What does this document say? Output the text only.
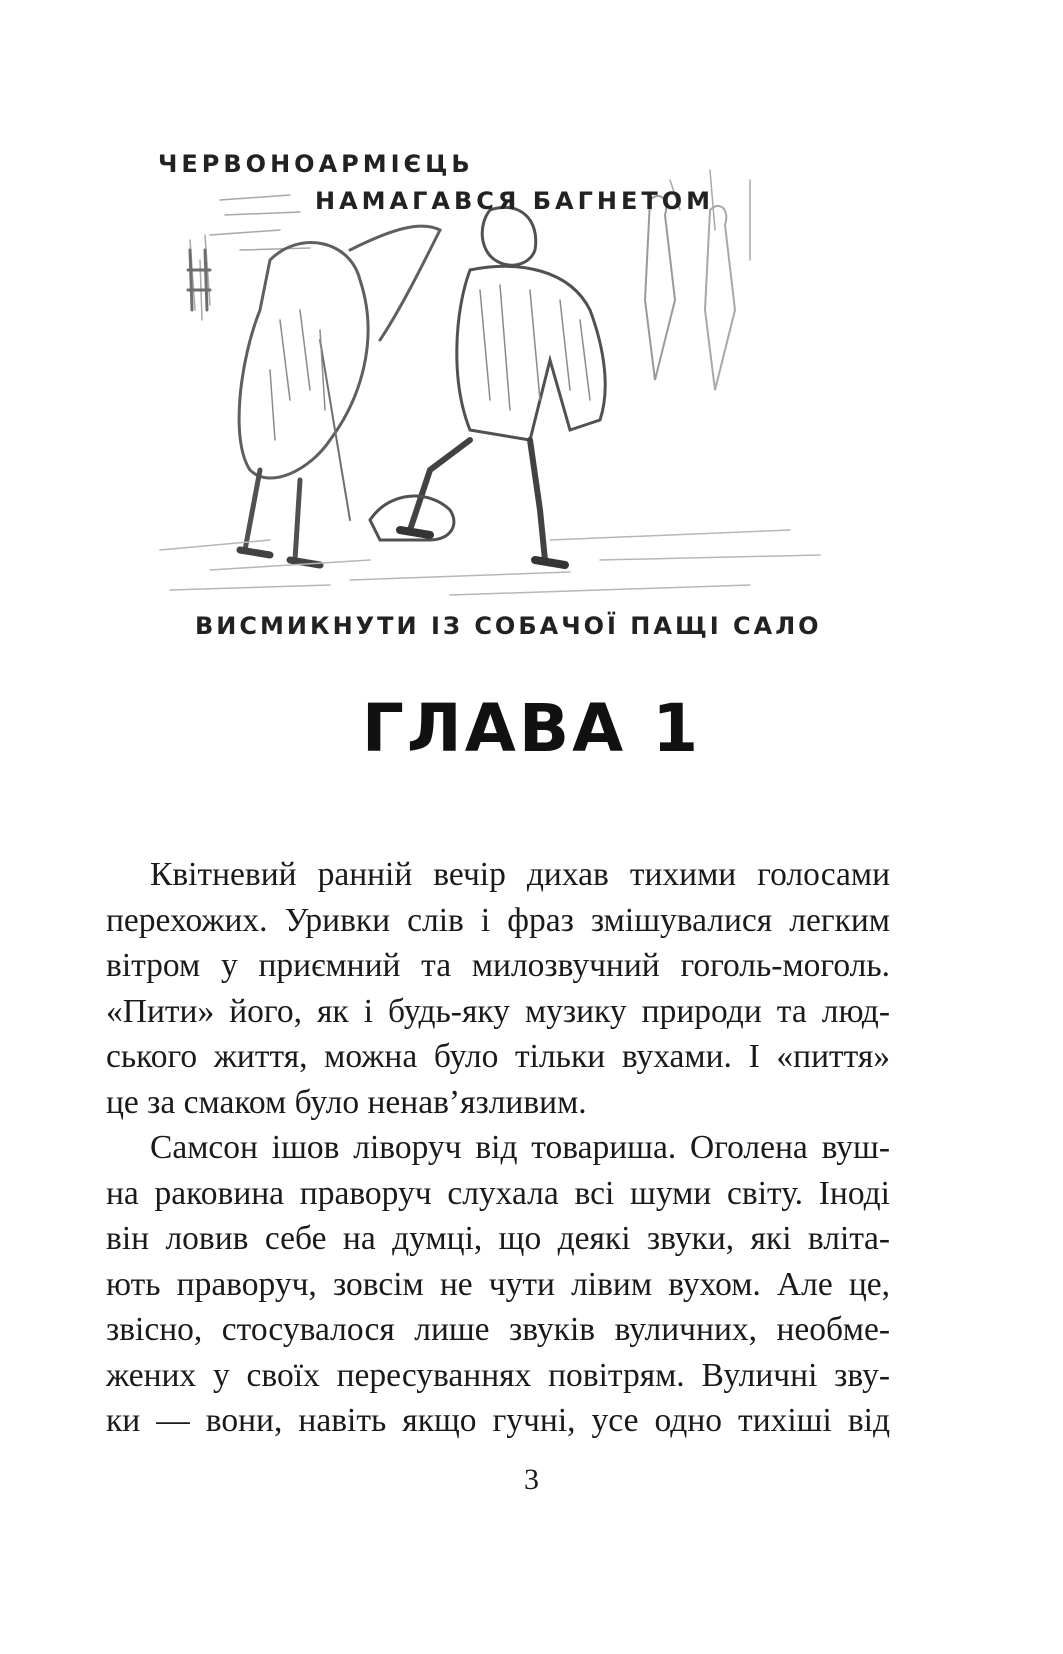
ЧЕРВОНОАРМІЄЦЬ
НАМАГАВСЯ БАГНЕТОМ
ВИСМИКНУТИ ІЗ СОБАЧОЇ ПАЩІ САЛО
ГЛАВА 1

Квітневий ранній вечір дихав тихими голосами
перехожих. Уривки слів і фраз змішувалися легким
вітром у приємний та милозвучний гоголь-моголь.
«Пити» його, як і будь-яку музику природи та люд-
ського життя, можна було тільки вухами. І «пиття»
це за смаком було ненав’язливим.

Самсон ішов ліворуч від товариша. Оголена вуш-
на раковина праворуч слухала всі шуми світу. Іноді
він ловив себе на думці, що деякі звуки, які влітa-
ють праворуч, зовсім не чути лівим вухом. Але це,
звісно, стосувалося лише звуків вуличних, необме-
жених у своїх пересуваннях повітрям. Вуличні зву-
ки — вони, навіть якщо гучні, усе одно тихіші від

3
